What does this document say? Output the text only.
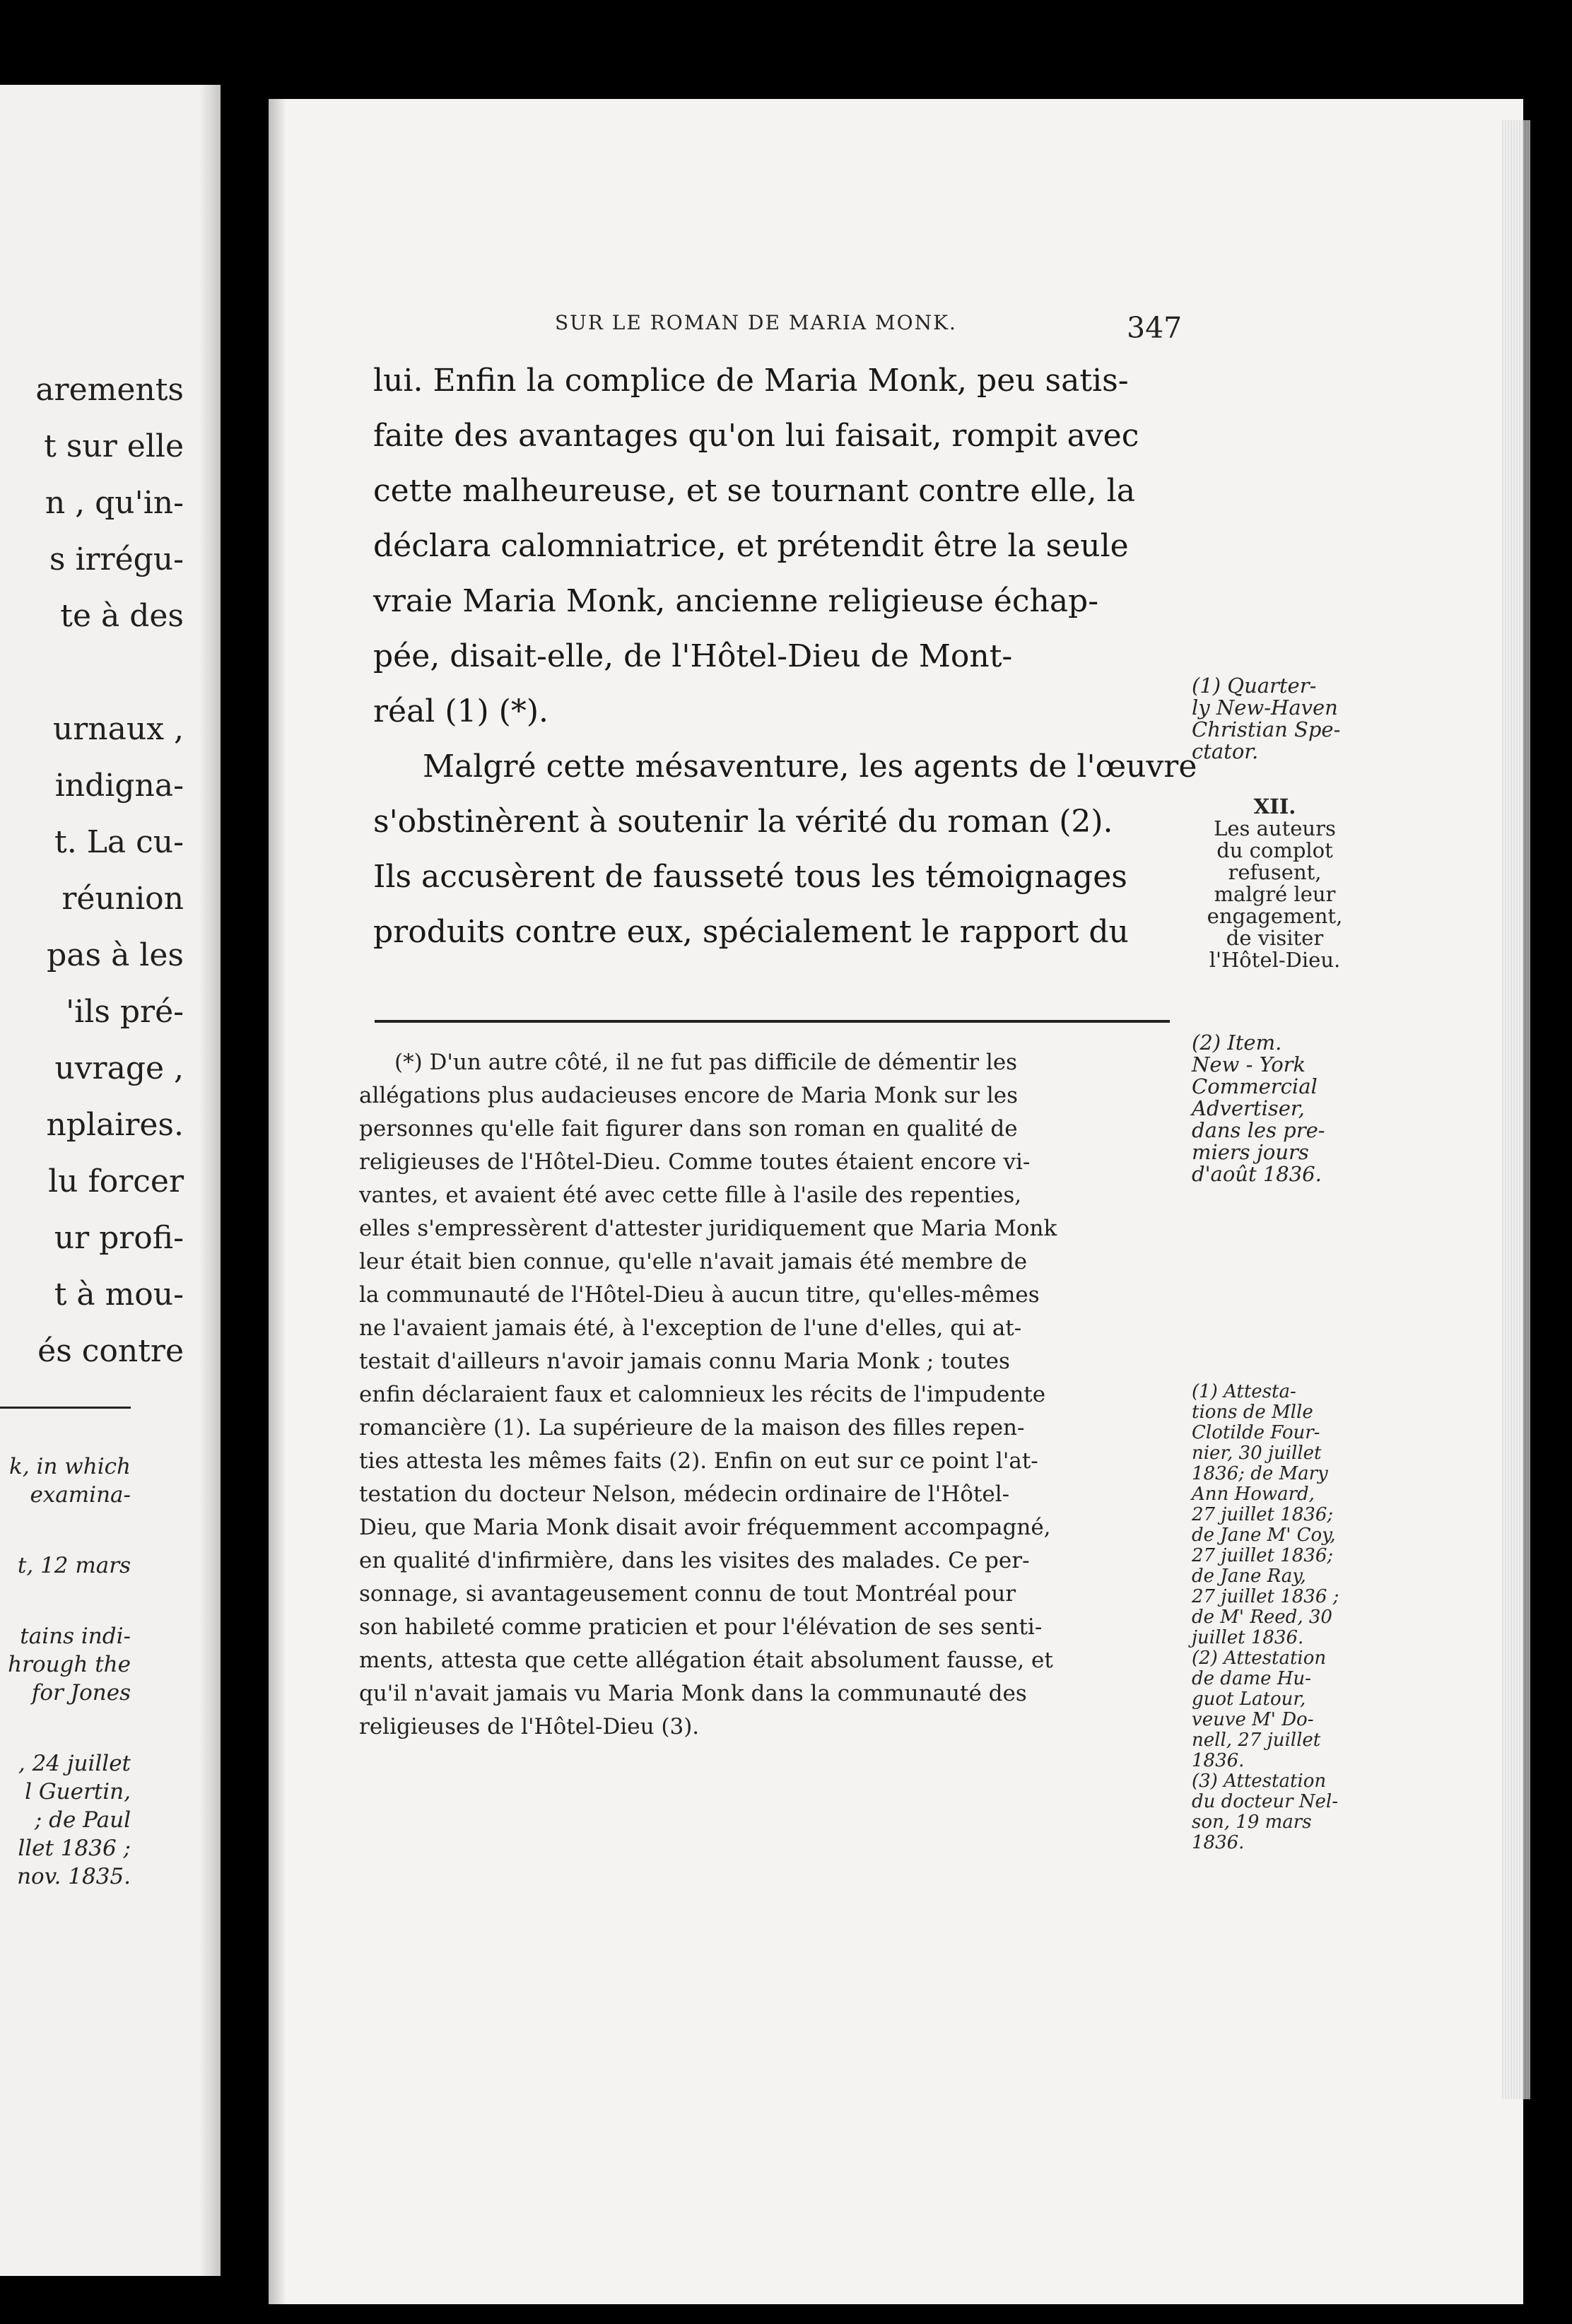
arements
t sur elle
n , qu'in-
s irrégu-
te à des
urnaux ,
indigna-
t. La cu-
réunion
pas à les
'ils pré-
uvrage ,
nplaires.
lu forcer
ur profi-
t à mou-
és contre
k, in which
examina-
t, 12 mars
tains indi-
hrough the
for Jones
, 24 juillet
l Guertin,
; de Paul
llet 1836 ;
nov. 1835.
SUR LE ROMAN DE MARIA MONK.	347
lui. Enfin la complice de Maria Monk, peu satis-
faite des avantages qu'on lui faisait, rompit avec
cette malheureuse, et se tournant contre elle, la
déclara calomniatrice, et prétendit être la seule
vraie Maria Monk, ancienne religieuse échap-
pée, disait-elle, de l'Hôtel-Dieu de Mont-
réal (1) (*).
Malgré cette mésaventure, les agents de l'œuvre
s'obstinèrent à soutenir la vérité du roman (2).
Ils accusèrent de fausseté tous les témoignages
produits contre eux, spécialement le rapport du
(*) D'un autre côté, il ne fut pas difficile de démentir les
allégations plus audacieuses encore de Maria Monk sur les
personnes qu'elle fait figurer dans son roman en qualité de
religieuses de l'Hôtel-Dieu. Comme toutes étaient encore vi-
vantes, et avaient été avec cette fille à l'asile des repenties,
elles s'empressèrent d'attester juridiquement que Maria Monk
leur était bien connue, qu'elle n'avait jamais été membre de
la communauté de l'Hôtel-Dieu à aucun titre, qu'elles-mêmes
ne l'avaient jamais été, à l'exception de l'une d'elles, qui at-
testait d'ailleurs n'avoir jamais connu Maria Monk ; toutes
enfin déclaraient faux et calomnieux les récits de l'impudente
romancière (1). La supérieure de la maison des filles repen-
ties attesta les mêmes faits (2). Enfin on eut sur ce point l'at-
testation du docteur Nelson, médecin ordinaire de l'Hôtel-
Dieu, que Maria Monk disait avoir fréquemment accompagné,
en qualité d'infirmière, dans les visites des malades. Ce per-
sonnage, si avantageusement connu de tout Montréal pour
son habileté comme praticien et pour l'élévation de ses senti-
ments, attesta que cette allégation était absolument fausse, et
qu'il n'avait jamais vu Maria Monk dans la communauté des
religieuses de l'Hôtel-Dieu (3).
(1) Quarter-
ly New-Haven
Christian Spe-
ctator.
XII.
Les auteurs
du complot
refusent,
malgré leur
engagement,
de visiter
l'Hôtel-Dieu.
(2) Item.
New - York
Commercial
Advertiser,
dans les pre-
miers jours
d'août 1836.
(1) Attesta-
tions de Mlle
Clotilde Four-
nier, 30 juillet
1836; de Mary
Ann Howard,
27 juillet 1836;
de Jane M' Coy,
27 juillet 1836;
de Jane Ray,
27 juillet 1836 ;
de M' Reed, 30
juillet 1836.
(2) Attestation
de dame Hu-
guot Latour,
veuve M' Do-
nell, 27 juillet
1836.
(3) Attestation
du docteur Nel-
son, 19 mars
1836.
